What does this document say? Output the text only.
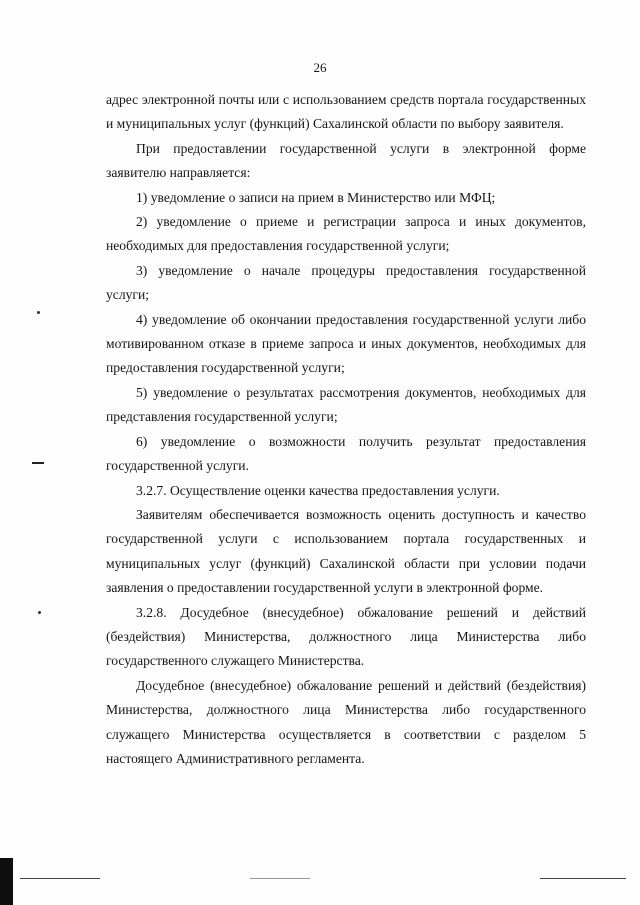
26

адрес электронной почты или с использованием средств портала государственных и муниципальных услуг (функций) Сахалинской области по выбору заявителя.

При предоставлении государственной услуги в электронной форме заявителю направляется:

1) уведомление о записи на прием в Министерство или МФЦ;

2) уведомление о приеме и регистрации запроса и иных документов, необходимых для предоставления государственной услуги;

3) уведомление о начале процедуры предоставления государственной услуги;

4) уведомление об окончании предоставления государственной услуги либо мотивированном отказе в приеме запроса и иных документов, необходимых для предоставления государственной услуги;

5) уведомление о результатах рассмотрения документов, необходимых для представления государственной услуги;

6) уведомление о возможности получить результат предоставления государственной услуги.

3.2.7. Осуществление оценки качества предоставления услуги.

Заявителям обеспечивается возможность оценить доступность и качество государственной услуги с использованием портала государственных и муниципальных услуг (функций) Сахалинской области при условии подачи заявления о предоставлении государственной услуги в электронной форме.

3.2.8. Досудебное (внесудебное) обжалование решений и действий (бездействия) Министерства, должностного лица Министерства либо государственного служащего Министерства.

Досудебное (внесудебное) обжалование решений и действий (бездействия) Министерства, должностного лица Министерства либо государственного служащего Министерства осуществляется в соответствии с разделом 5 настоящего Административного регламента.
